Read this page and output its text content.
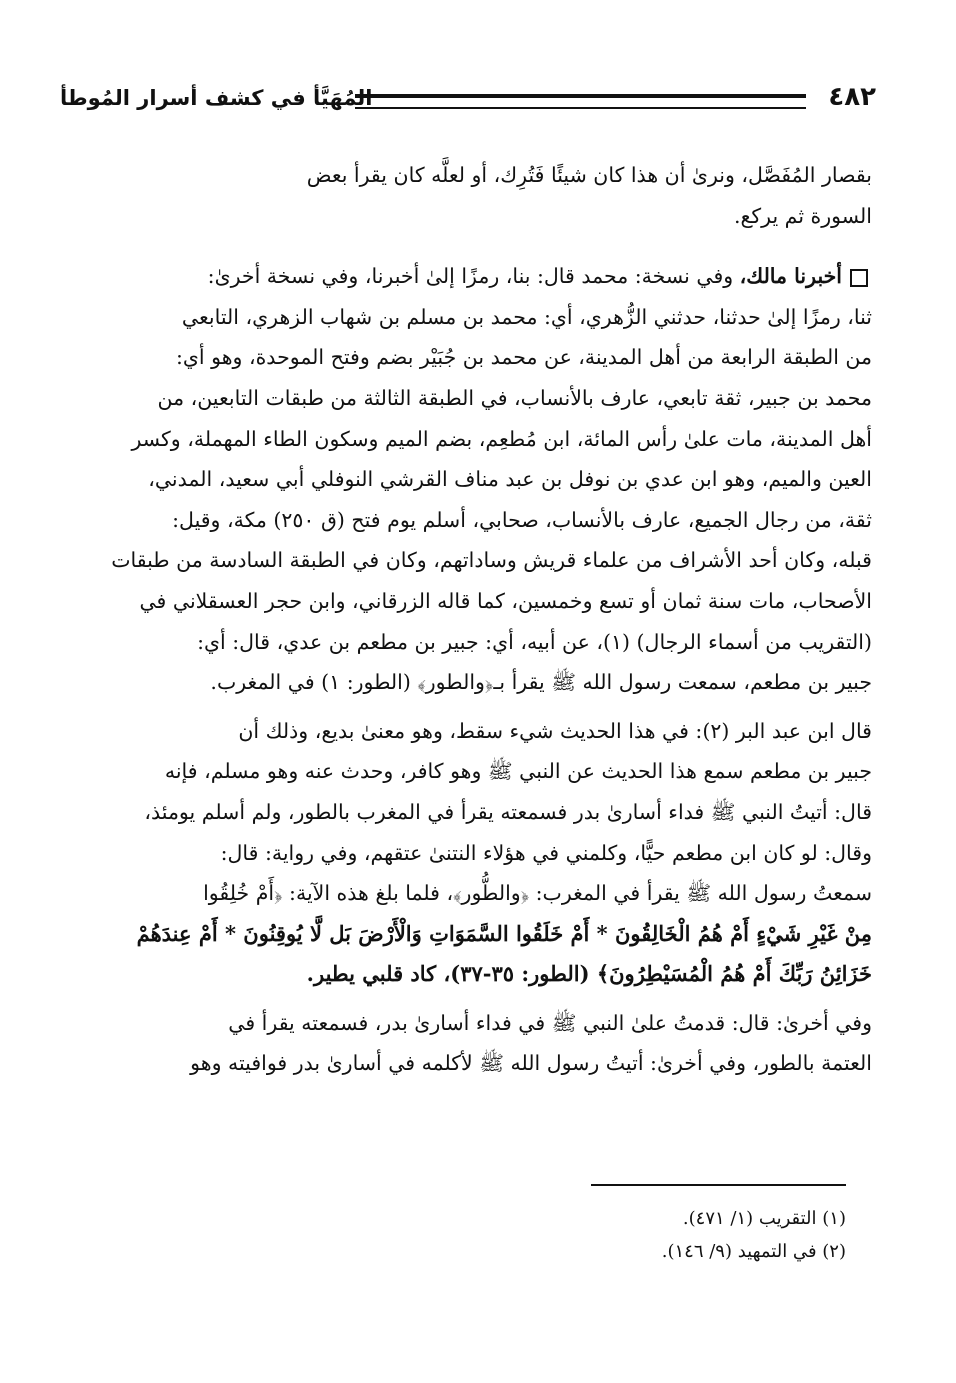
٤٨٢
المُهَيَّأ في كشف أسرار المُوطأ
بقصار المُفَصَّل، ونرىٰ أن هذا كان شيئًا فَتُرِك، أو لعلَّه كان يقرأ بعض
السورة ثم يركع.
أخبرنا مالك، وفي نسخة: محمد قال: بنا، رمزًا إلىٰ أخبرنا، وفي نسخة أخرىٰ:
ثنا، رمزًا إلىٰ حدثنا، حدثني الزُّهري، أي: محمد بن مسلم بن شهاب الزهري، التابعي
من الطبقة الرابعة من أهل المدينة، عن محمد بن جُبَيْر بضم وفتح الموحدة، وهو أي:
محمد بن جبير، ثقة تابعي، عارف بالأنساب، في الطبقة الثالثة من طبقات التابعين، من
أهل المدينة، مات علىٰ رأس المائة، ابن مُطعِم، بضم الميم وسكون الطاء المهملة، وكسر
العين والميم، وهو ابن عدي بن نوفل بن عبد مناف القرشي النوفلي أبي سعيد، المدني،
ثقة، من رجال الجميع، عارف بالأنساب، صحابي، أسلم يوم فتح (ق ٢٥٠) مكة، وقيل:
قبله، وكان أحد الأشراف من علماء قريش وساداتهم، وكان في الطبقة السادسة من طبقات
الأصحاب، مات سنة ثمان أو تسع وخمسين، كما قاله الزرقاني، وابن حجر العسقلاني في
(التقريب من أسماء الرجال) (١)، عن أبيه، أي: جبير بن مطعم بن عدي، قال: أي:
جبير بن مطعم، سمعت رسول الله ﷺ يقرأ بـ﴿والطور﴾ (الطور: ١) في المغرب.
قال ابن عبد البر (٢): في هذا الحديث شيء سقط، وهو معنىٰ بديع، وذلك أن
جبير بن مطعم سمع هذا الحديث عن النبي ﷺ وهو كافر، وحدث عنه وهو مسلم، فإنه
قال: أتيتُ النبي ﷺ فداء أسارىٰ بدر فسمعته يقرأ في المغرب بالطور، ولم أسلم يومئذ،
وقال: لو كان ابن مطعم حيًّا، وكلمني في هؤلاء النتنىٰ عتقهم، وفي رواية: قال:
سمعتُ رسول الله ﷺ يقرأ في المغرب: ﴿والطُّور﴾، فلما بلغ هذه الآية: ﴿أَمْ خُلِقُوا
مِنْ غَيْرِ شَيْءٍ أَمْ هُمُ الْخَالِقُونَ * أَمْ خَلَقُوا السَّمَوَاتِ وَالْأَرْضَ بَل لَّا يُوقِنُونَ * أَمْ عِندَهُمْ
خَزَائِنُ رَبِّكَ أَمْ هُمُ الْمُسَيْطِرُونَ﴾ (الطور: ٣٥-٣٧)، كاد قلبي يطير.
وفي أخرىٰ: قال: قدمتُ علىٰ النبي ﷺ في فداء أسارىٰ بدر، فسمعته يقرأ في
العتمة بالطور، وفي أخرىٰ: أتيتُ رسول الله ﷺ لأكلمه في أسارىٰ بدر فوافيته وهو

(١) التقريب (١/ ٤٧١).

(٢) في التمهيد (٩/ ١٤٦).
